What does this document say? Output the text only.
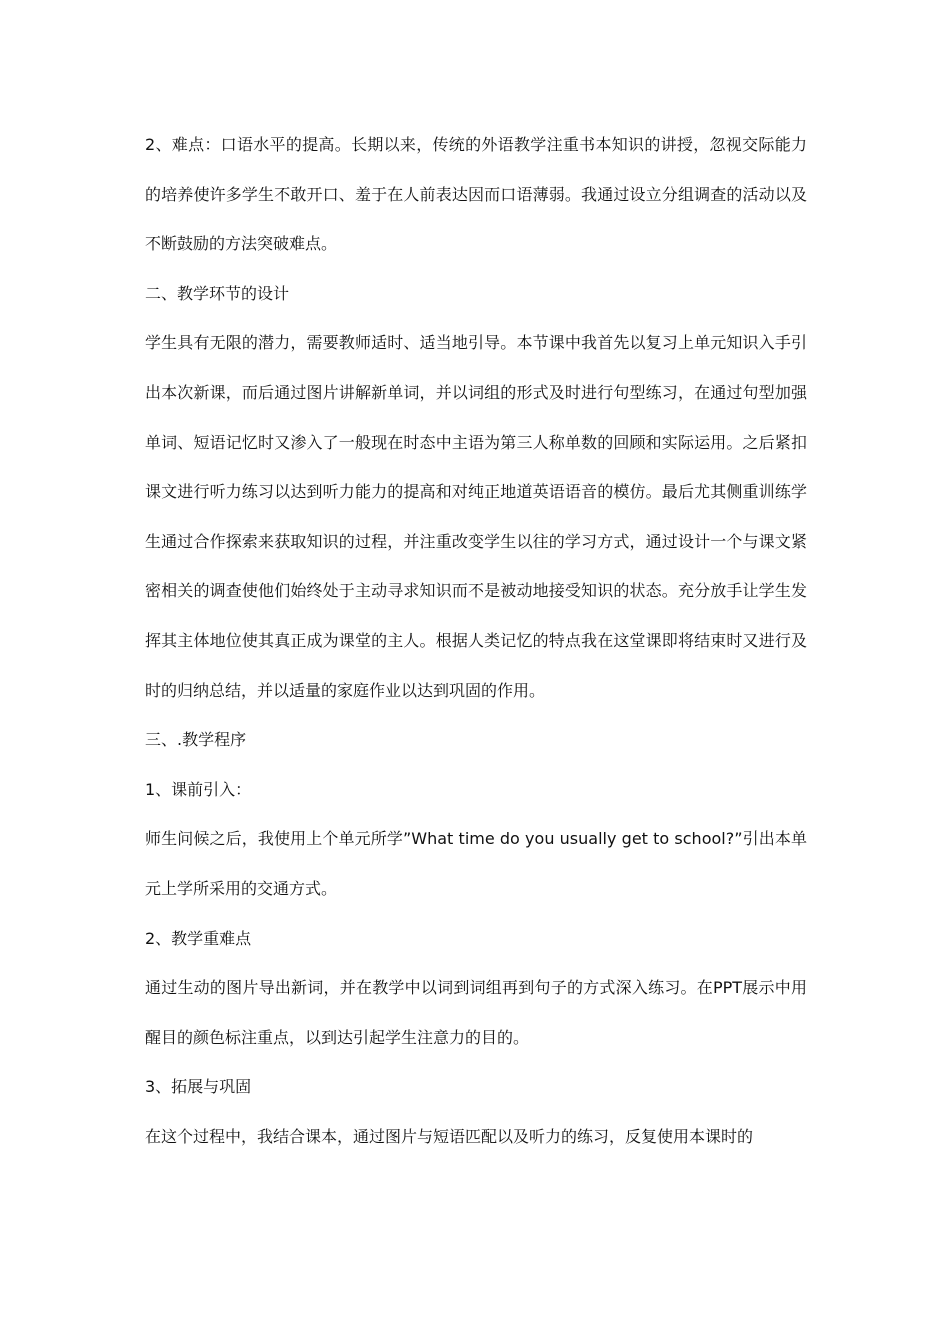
2、难点：口语水平的提高。长期以来，传统的外语教学注重书本知识的讲授，忽视交际能力的培养使许多学生不敢开口、羞于在人前表达因而口语薄弱。我通过设立分组调查的活动以及不断鼓励的方法突破难点。

二、教学环节的设计

学生具有无限的潜力，需要教师适时、适当地引导。本节课中我首先以复习上单元知识入手引出本次新课，而后通过图片讲解新单词，并以词组的形式及时进行句型练习，在通过句型加强单词、短语记忆时又渗入了一般现在时态中主语为第三人称单数的回顾和实际运用。之后紧扣课文进行听力练习以达到听力能力的提高和对纯正地道英语语音的模仿。最后尤其侧重训练学生通过合作探索来获取知识的过程，并注重改变学生以往的学习方式，通过设计一个与课文紧密相关的调查使他们始终处于主动寻求知识而不是被动地接受知识的状态。充分放手让学生发挥其主体地位使其真正成为课堂的主人。根据人类记忆的特点我在这堂课即将结束时又进行及时的归纳总结，并以适量的家庭作业以达到巩固的作用。

三、.教学程序

1、课前引入：

师生问候之后，我使用上个单元所学”What time do you usually get to school?”引出本单元上学所采用的交通方式。

2、教学重难点

通过生动的图片导出新词，并在教学中以词到词组再到句子的方式深入练习。在PPT展示中用醒目的颜色标注重点，以到达引起学生注意力的目的。

3、拓展与巩固

在这个过程中，我结合课本，通过图片与短语匹配以及听力的练习，反复使用本课时的
